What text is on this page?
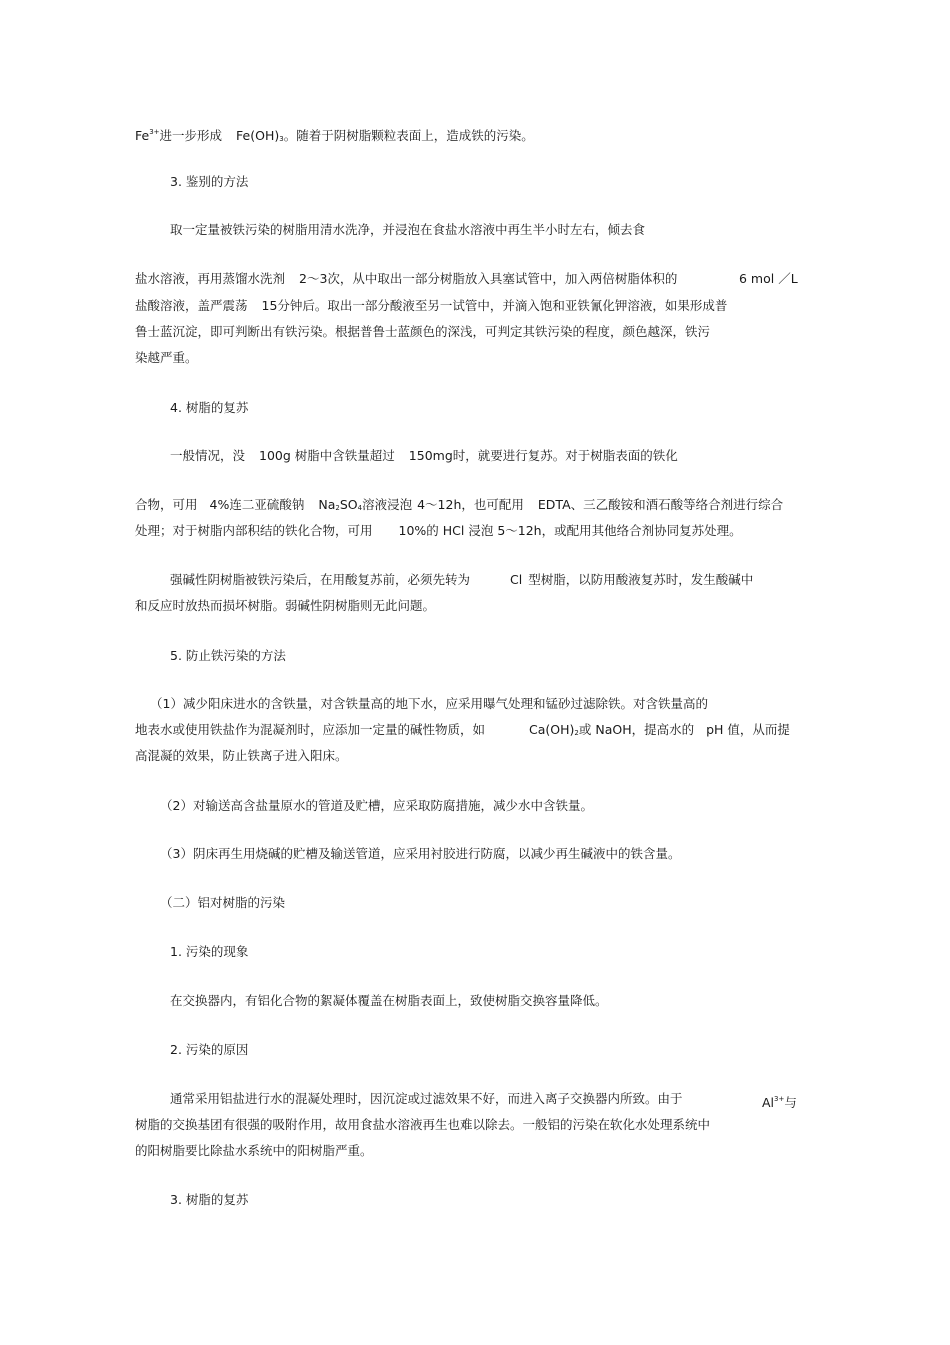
$Fe^{3+}$进一步形成 $Fe(OH)_3$。随着于阴树脂颗粒表面上，造成铁的污染。
3. 鉴别的方法
取一定量被铁污染的树脂用清水洗净，并浸泡在食盐水溶液中再生半小时左右，倾去食
盐水溶液，再用蒸馏水洗剂 2～3次，从中取出一部分树脂放入具塞试管中，加入两倍树脂体积的	6 mol ／L
盐酸溶液，盖严震荡 15分钟后。取出一部分酸液至另一试管中，并滴入饱和亚铁氰化钾溶液，如果形成普
鲁士蓝沉淀，即可判断出有铁污染。根据普鲁士蓝颜色的深浅，可判定其铁污染的程度，颜色越深，铁污
染越严重。
4. 树脂的复苏
一般情况，没 100g 树脂中含铁量超过 150mg时，就要进行复苏。对于树脂表面的铁化
合物，可用 4%连二亚硫酸钠 $Na_2SO_4$溶液浸泡 4～12h，也可配用 EDTA、三乙酸铵和酒石酸等络合剂进行综合
处理；对于树脂内部积结的铁化合物，可用 10%的 HCl 浸泡 5～12h，或配用其他络合剂协同复苏处理。
强碱性阴树脂被铁污染后，在用酸复苏前，必须先转为	Cl 型树脂，以防用酸液复苏时，发生酸碱中
和反应时放热而损坏树脂。弱碱性阴树脂则无此问题。
5. 防止铁污染的方法
（1）减少阳床进水的含铁量，对含铁量高的地下水，应采用曝气处理和锰砂过滤除铁。对含铁量高的
地表水或使用铁盐作为混凝剂时，应添加一定量的碱性物质，如	$Ca(OH)_2$或 NaOH，提高水的 pH 值，从而提
高混凝的效果，防止铁离子进入阳床。
（2）对输送高含盐量原水的管道及贮槽，应采取防腐措施，减少水中含铁量。
（3）阴床再生用烧碱的贮槽及输送管道，应采用衬胶进行防腐，以减少再生碱液中的铁含量。
（二）铝对树脂的污染
1. 污染的现象
在交换器内，有铝化合物的絮凝体覆盖在树脂表面上，致使树脂交换容量降低。
2. 污染的原因
通常采用铝盐进行水的混凝处理时，因沉淀或过滤效果不好，而进入离子交换器内所致。由于	$Al^{3+}$与
树脂的交换基团有很强的吸附作用，故用食盐水溶液再生也难以除去。一般铝的污染在软化水处理系统中
的阳树脂要比除盐水系统中的阳树脂严重。
3. 树脂的复苏
